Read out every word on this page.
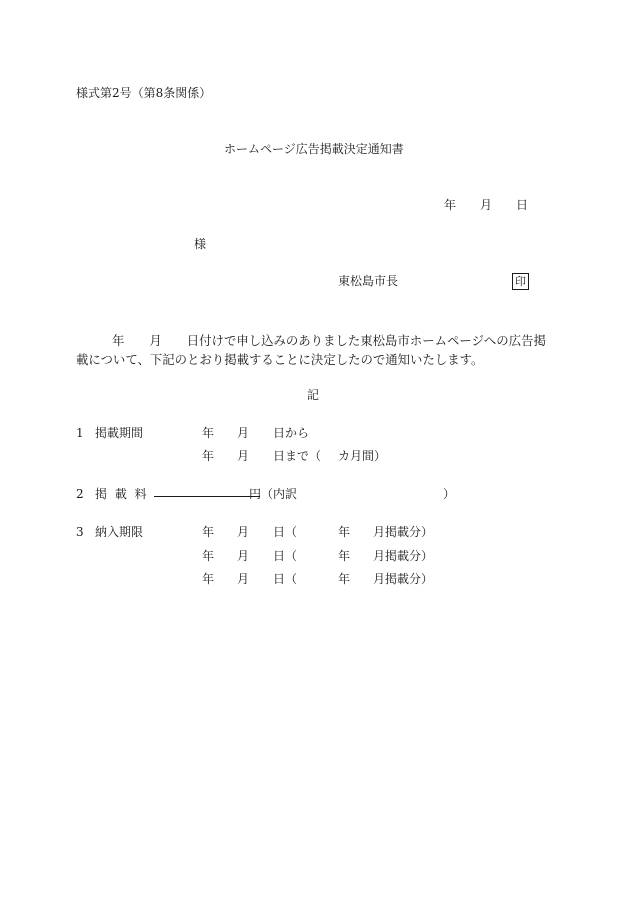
様式第2号（第8条関係）
ホームページ広告掲載決定通知書
年 月 日
様
東松島市長	印
年 月 日付けで申し込みのありました東松島市ホームページへの広告掲載について、下記のとおり掲載することに決定したので通知いたします。
記
1 掲載期間	年 月 日から
年 月 日まで（ カ月間）
2 掲 載 料	円（内訳	）
3 納入期限	年 月 日（	年 月掲載分）
年 月 日（	年 月掲載分）
年 月 日（	年 月掲載分）
